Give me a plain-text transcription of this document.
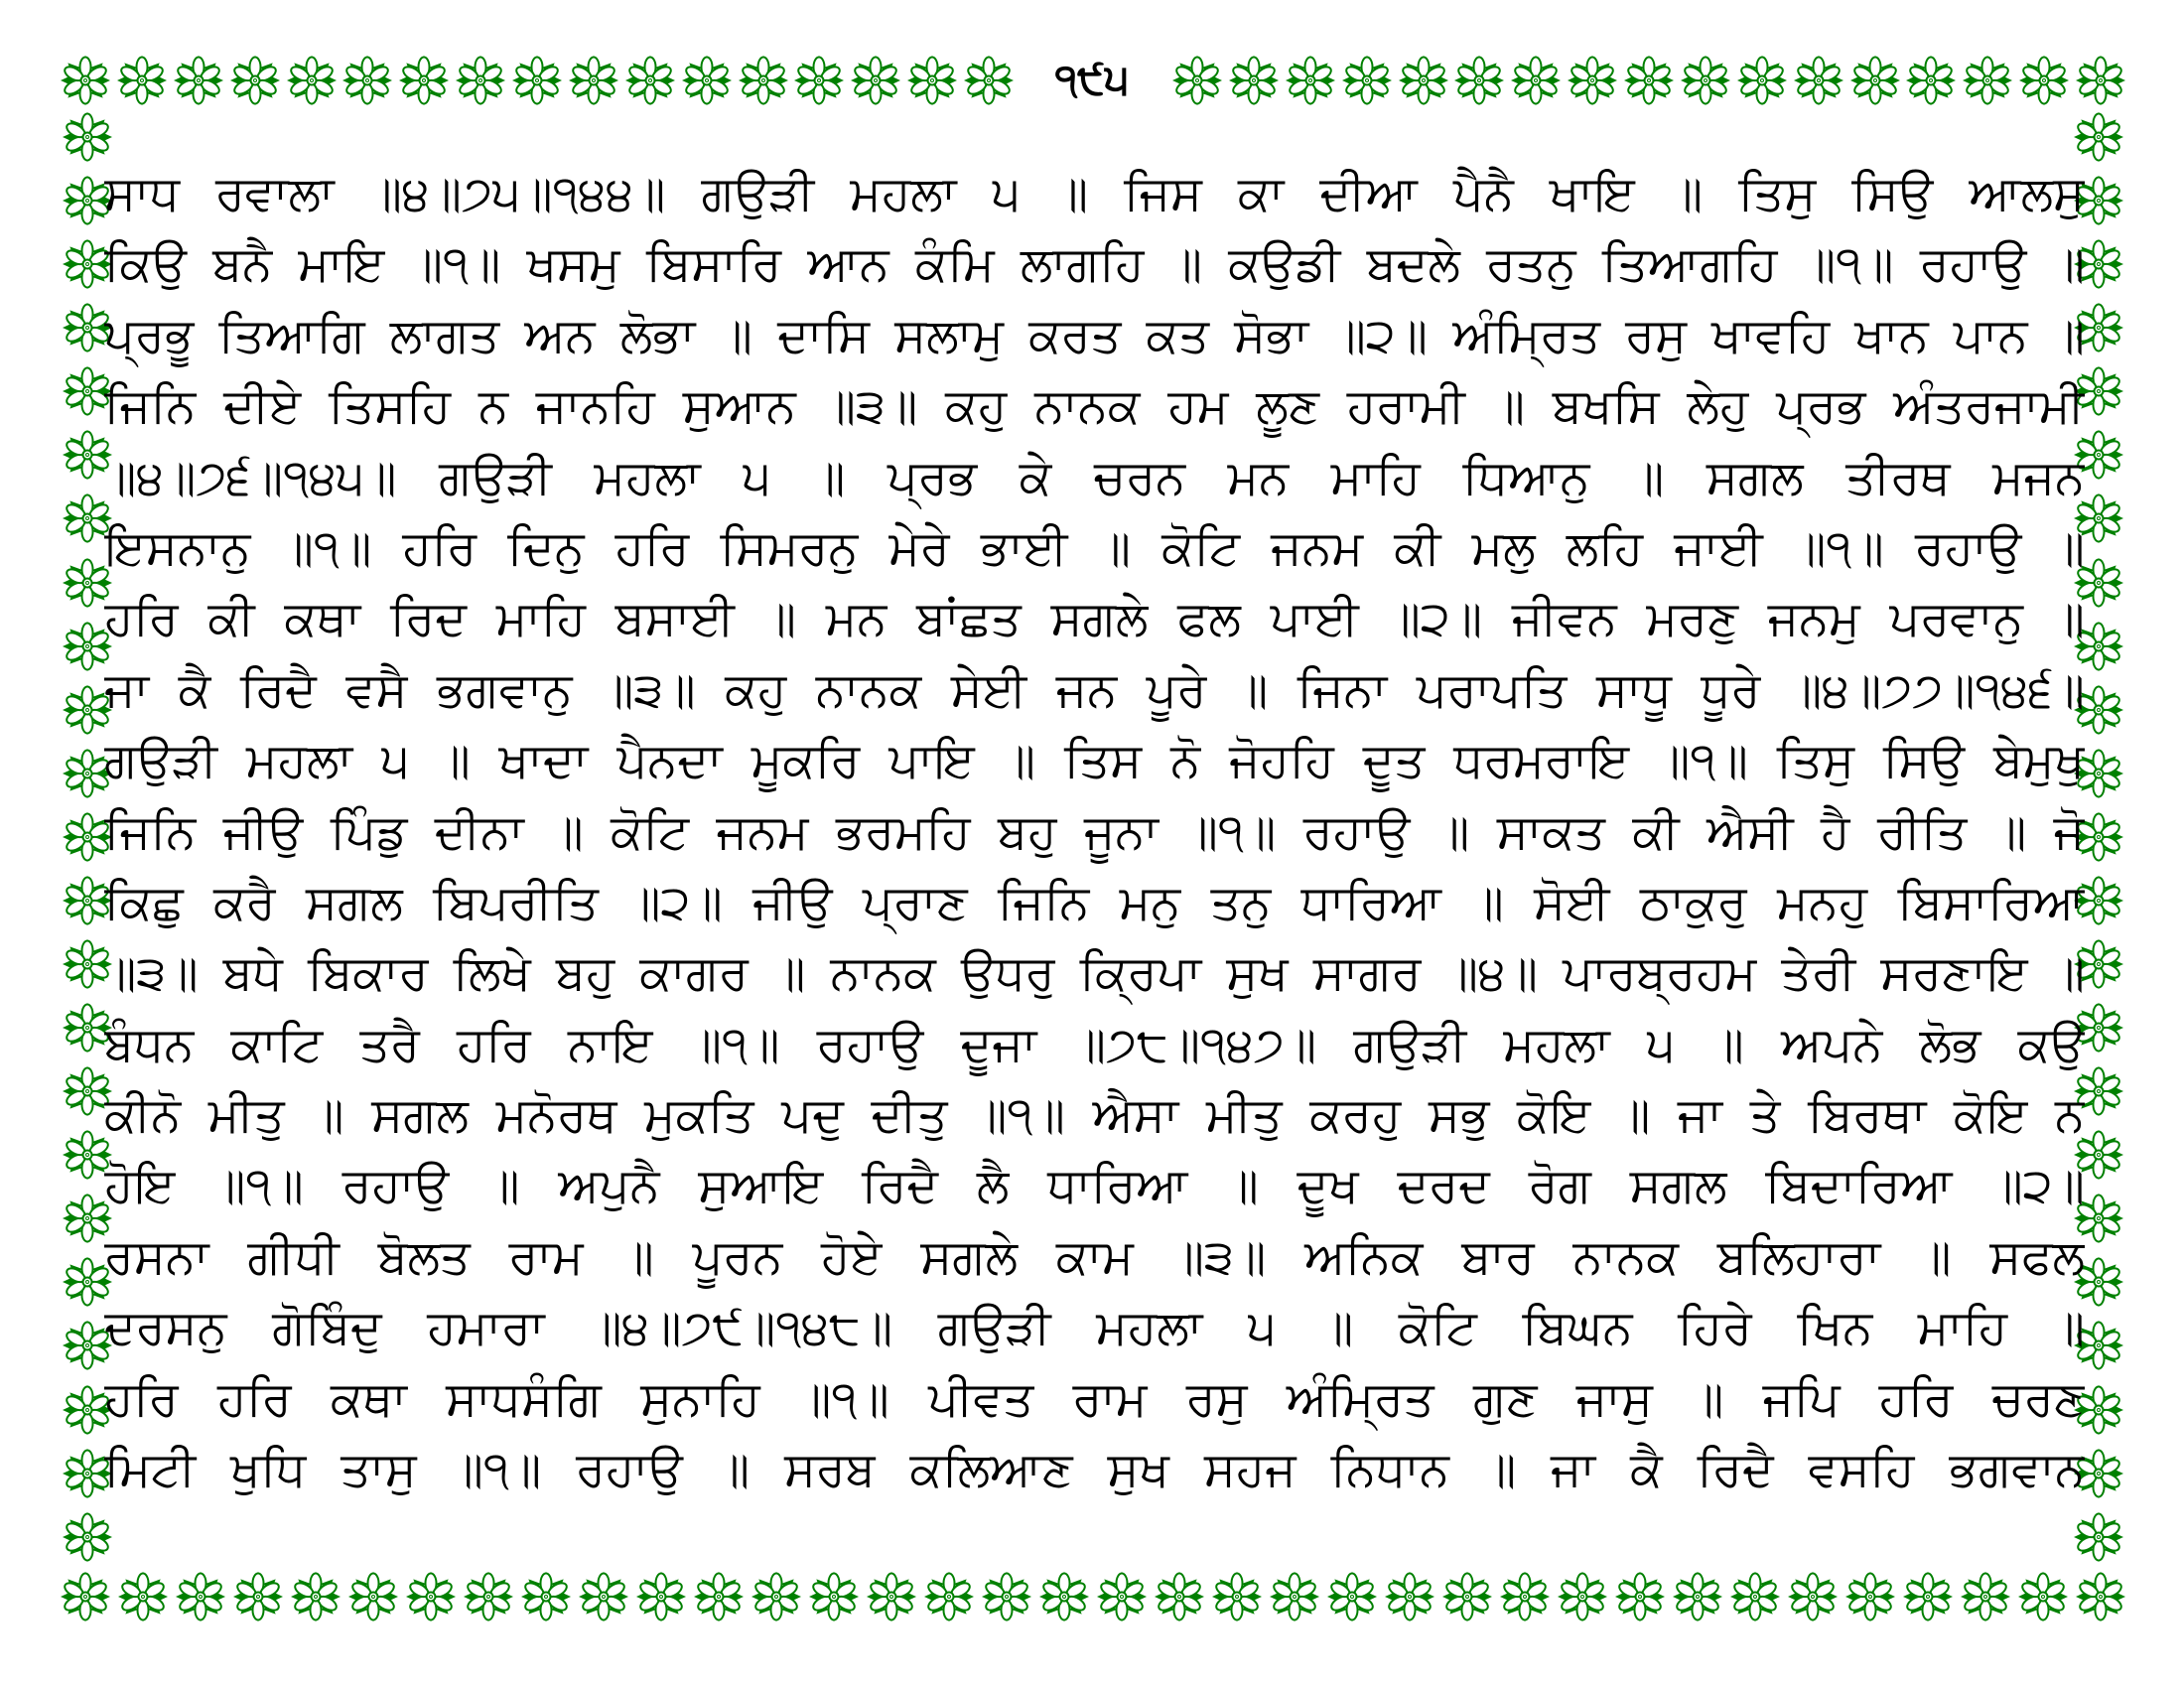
੧੯੫
ਸਾਧ ਰਵਾਲਾ ॥੪॥੭੫॥੧੪੪॥ ਗਉੜੀ ਮਹਲਾ ੫ ॥ ਜਿਸ ਕਾ ਦੀਆ ਪੈਨੈ ਖਾਇ ॥ ਤਿਸੁ ਸਿਉ ਆਲਸੁ
ਕਿਉ ਬਨੈ ਮਾਇ ॥੧॥ ਖਸਮੁ ਬਿਸਾਰਿ ਆਨ ਕੰਮਿ ਲਾਗਹਿ ॥ ਕਉਡੀ ਬਦਲੇ ਰਤਨੁ ਤਿਆਗਹਿ ॥੧॥ ਰਹਾਉ ॥
ਪ੍ਰਭੂ ਤਿਆਗਿ ਲਾਗਤ ਅਨ ਲੋਭਾ ॥ ਦਾਸਿ ਸਲਾਮੁ ਕਰਤ ਕਤ ਸੋਭਾ ॥੨॥ ਅੰਮ੍ਰਿਤ ਰਸੁ ਖਾਵਹਿ ਖਾਨ ਪਾਨ ॥
ਜਿਨਿ ਦੀਏ ਤਿਸਹਿ ਨ ਜਾਨਹਿ ਸੁਆਨ ॥੩॥ ਕਹੁ ਨਾਨਕ ਹਮ ਲੂਣ ਹਰਾਮੀ ॥ ਬਖਸਿ ਲੇਹੁ ਪ੍ਰਭ ਅੰਤਰਜਾਮੀ
॥੪॥੭੬॥੧੪੫॥ ਗਉੜੀ ਮਹਲਾ ੫ ॥ ਪ੍ਰਭ ਕੇ ਚਰਨ ਮਨ ਮਾਹਿ ਧਿਆਨੁ ॥ ਸਗਲ ਤੀਰਥ ਮਜਨ
ਇਸਨਾਨੁ ॥੧॥ ਹਰਿ ਦਿਨੁ ਹਰਿ ਸਿਮਰਨੁ ਮੇਰੇ ਭਾਈ ॥ ਕੋਟਿ ਜਨਮ ਕੀ ਮਲੁ ਲਹਿ ਜਾਈ ॥੧॥ ਰਹਾਉ ॥
ਹਰਿ ਕੀ ਕਥਾ ਰਿਦ ਮਾਹਿ ਬਸਾਈ ॥ ਮਨ ਬਾਂਛਤ ਸਗਲੇ ਫਲ ਪਾਈ ॥੨॥ ਜੀਵਨ ਮਰਣੁ ਜਨਮੁ ਪਰਵਾਨੁ ॥
ਜਾ ਕੈ ਰਿਦੈ ਵਸੈ ਭਗਵਾਨੁ ॥੩॥ ਕਹੁ ਨਾਨਕ ਸੇਈ ਜਨ ਪੂਰੇ ॥ ਜਿਨਾ ਪਰਾਪਤਿ ਸਾਧੂ ਧੂਰੇ ॥੪॥੭੭॥੧੪੬॥
ਗਉੜੀ ਮਹਲਾ ੫ ॥ ਖਾਦਾ ਪੈਨਦਾ ਮੂਕਰਿ ਪਾਇ ॥ ਤਿਸ ਨੋ ਜੋਹਹਿ ਦੂਤ ਧਰਮਰਾਇ ॥੧॥ ਤਿਸੁ ਸਿਉ ਬੇਮੁਖੁ
ਜਿਨਿ ਜੀਉ ਪਿੰਡੁ ਦੀਨਾ ॥ ਕੋਟਿ ਜਨਮ ਭਰਮਹਿ ਬਹੁ ਜੂਨਾ ॥੧॥ ਰਹਾਉ ॥ ਸਾਕਤ ਕੀ ਐਸੀ ਹੈ ਰੀਤਿ ॥ ਜੋ
ਕਿਛੁ ਕਰੈ ਸਗਲ ਬਿਪਰੀਤਿ ॥੨॥ ਜੀਉ ਪ੍ਰਾਣ ਜਿਨਿ ਮਨੁ ਤਨੁ ਧਾਰਿਆ ॥ ਸੋਈ ਠਾਕੁਰੁ ਮਨਹੁ ਬਿਸਾਰਿਆ
॥੩॥ ਬਧੇ ਬਿਕਾਰ ਲਿਖੇ ਬਹੁ ਕਾਗਰ ॥ ਨਾਨਕ ਉਧਰੁ ਕ੍ਰਿਪਾ ਸੁਖ ਸਾਗਰ ॥੪॥ ਪਾਰਬ੍ਰਹਮ ਤੇਰੀ ਸਰਣਾਇ ॥
ਬੰਧਨ ਕਾਟਿ ਤਰੈ ਹਰਿ ਨਾਇ ॥੧॥ ਰਹਾਉ ਦੂਜਾ ॥੭੮॥੧੪੭॥ ਗਉੜੀ ਮਹਲਾ ੫ ॥ ਅਪਨੇ ਲੋਭ ਕਉ
ਕੀਨੋ ਮੀਤੁ ॥ ਸਗਲ ਮਨੋਰਥ ਮੁਕਤਿ ਪਦੁ ਦੀਤੁ ॥੧॥ ਐਸਾ ਮੀਤੁ ਕਰਹੁ ਸਭੁ ਕੋਇ ॥ ਜਾ ਤੇ ਬਿਰਥਾ ਕੋਇ ਨ
ਹੋਇ ॥੧॥ ਰਹਾਉ ॥ ਅਪੁਨੈ ਸੁਆਇ ਰਿਦੈ ਲੈ ਧਾਰਿਆ ॥ ਦੂਖ ਦਰਦ ਰੋਗ ਸਗਲ ਬਿਦਾਰਿਆ ॥੨॥
ਰਸਨਾ ਗੀਧੀ ਬੋਲਤ ਰਾਮ ॥ ਪੂਰਨ ਹੋਏ ਸਗਲੇ ਕਾਮ ॥੩॥ ਅਨਿਕ ਬਾਰ ਨਾਨਕ ਬਲਿਹਾਰਾ ॥ ਸਫਲ
ਦਰਸਨੁ ਗੋਬਿੰਦੁ ਹਮਾਰਾ ॥੪॥੭੯॥੧੪੮॥ ਗਉੜੀ ਮਹਲਾ ੫ ॥ ਕੋਟਿ ਬਿਘਨ ਹਿਰੇ ਖਿਨ ਮਾਹਿ ॥
ਹਰਿ ਹਰਿ ਕਥਾ ਸਾਧਸੰਗਿ ਸੁਨਾਹਿ ॥੧॥ ਪੀਵਤ ਰਾਮ ਰਸੁ ਅੰਮ੍ਰਿਤ ਗੁਣ ਜਾਸੁ ॥ ਜਪਿ ਹਰਿ ਚਰਣ
ਮਿਟੀ ਖੁਧਿ ਤਾਸੁ ॥੧॥ ਰਹਾਉ ॥ ਸਰਬ ਕਲਿਆਣ ਸੁਖ ਸਹਜ ਨਿਧਾਨ ॥ ਜਾ ਕੈ ਰਿਦੈ ਵਸਹਿ ਭਗਵਾਨ
